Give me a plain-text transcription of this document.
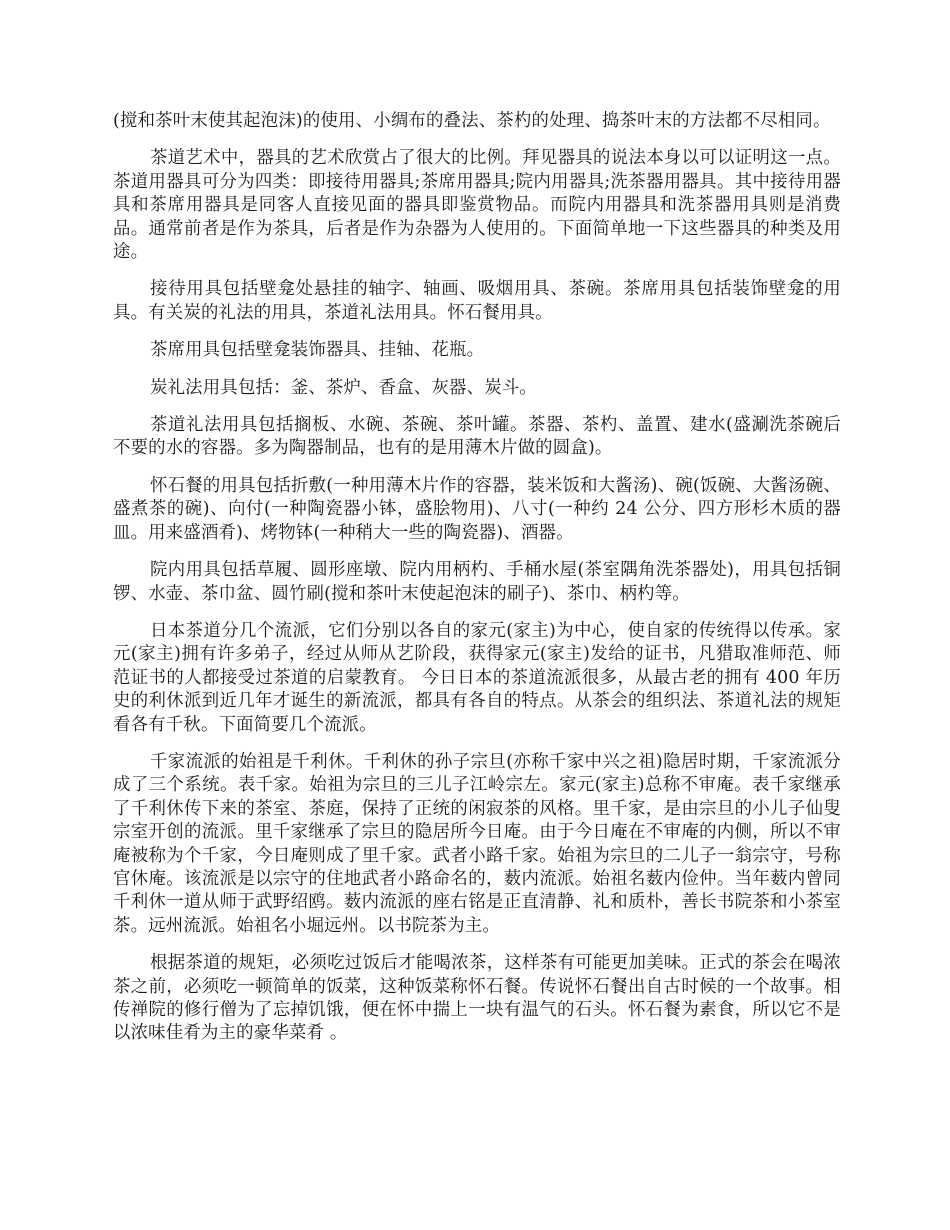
(搅和茶叶末使其起泡沫)的使用、小绸布的叠法、茶杓的处理、捣茶叶末的方法都不尽相同。

茶道艺术中，器具的艺术欣赏占了很大的比例。拜见器具的说法本身以可以证明这一点。茶道用器具可分为四类：即接待用器具;茶席用器具;院内用器具;洗茶器用器具。其中接待用器具和茶席用器具是同客人直接见面的器具即鉴赏物品。而院内用器具和洗茶器用具则是消费品。通常前者是作为茶具，后者是作为杂器为人使用的。下面简单地一下这些器具的种类及用途。

接待用具包括壁龛处悬挂的轴字、轴画、吸烟用具、茶碗。茶席用具包括装饰壁龛的用具。有关炭的礼法的用具，茶道礼法用具。怀石餐用具。

茶席用具包括壁龛装饰器具、挂轴、花瓶。

炭礼法用具包括：釜、茶炉、香盒、灰器、炭斗。

茶道礼法用具包括搁板、水碗、茶碗、茶叶罐。茶器、茶杓、盖置、建水(盛涮洗茶碗后不要的水的容器。多为陶器制品，也有的是用薄木片做的圆盒)。

怀石餐的用具包括折敷(一种用薄木片作的容器，装米饭和大酱汤)、碗(饭碗、大酱汤碗、盛煮茶的碗)、向付(一种陶瓷器小钵，盛脍物用)、八寸(一种约 24 公分、四方形杉木质的器皿。用来盛酒肴)、烤物钵(一种稍大一些的陶瓷器)、酒器。

院内用具包括草履、圆形座墩、院内用柄杓、手桶水屋(茶室隅角洗茶器处)，用具包括铜锣、水壶、茶巾盆、圆竹刷(搅和茶叶末使起泡沫的刷子)、茶巾、柄杓等。

日本茶道分几个流派，它们分别以各自的家元(家主)为中心，使自家的传统得以传承。家元(家主)拥有许多弟子，经过从师从艺阶段，获得家元(家主)发给的证书，凡猎取准师范、师范证书的人都接受过茶道的启蒙教育。 今日日本的茶道流派很多，从最古老的拥有 400 年历史的利休派到近几年才诞生的新流派，都具有各自的特点。从茶会的组织法、茶道礼法的规矩看各有千秋。下面简要几个流派。

千家流派的始祖是千利休。千利休的孙子宗旦(亦称千家中兴之祖)隐居时期，千家流派分成了三个系统。表千家。始祖为宗旦的三儿子江岭宗左。家元(家主)总称不审庵。表千家继承了千利休传下来的茶室、茶庭，保持了正统的闲寂茶的风格。里千家，是由宗旦的小儿子仙叟宗室开创的流派。里千家继承了宗旦的隐居所今日庵。由于今日庵在不审庵的内侧，所以不审庵被称为个千家，今日庵则成了里千家。武者小路千家。始祖为宗旦的二儿子一翁宗守，号称官休庵。该流派是以宗守的住地武者小路命名的，薮内流派。始祖名薮内俭仲。当年薮内曾同千利休一道从师于武野绍鸥。薮内流派的座右铭是正直清静、礼和质朴，善长书院茶和小茶室茶。远州流派。始祖名小堀远州。以书院茶为主。

根据茶道的规矩，必须吃过饭后才能喝浓茶，这样茶有可能更加美味。正式的茶会在喝浓茶之前，必须吃一顿简单的饭菜，这种饭菜称怀石餐。传说怀石餐出自古时候的一个故事。相传禅院的修行僧为了忘掉饥饿，便在怀中揣上一块有温气的石头。怀石餐为素食，所以它不是以浓味佳肴为主的豪华菜肴 。
